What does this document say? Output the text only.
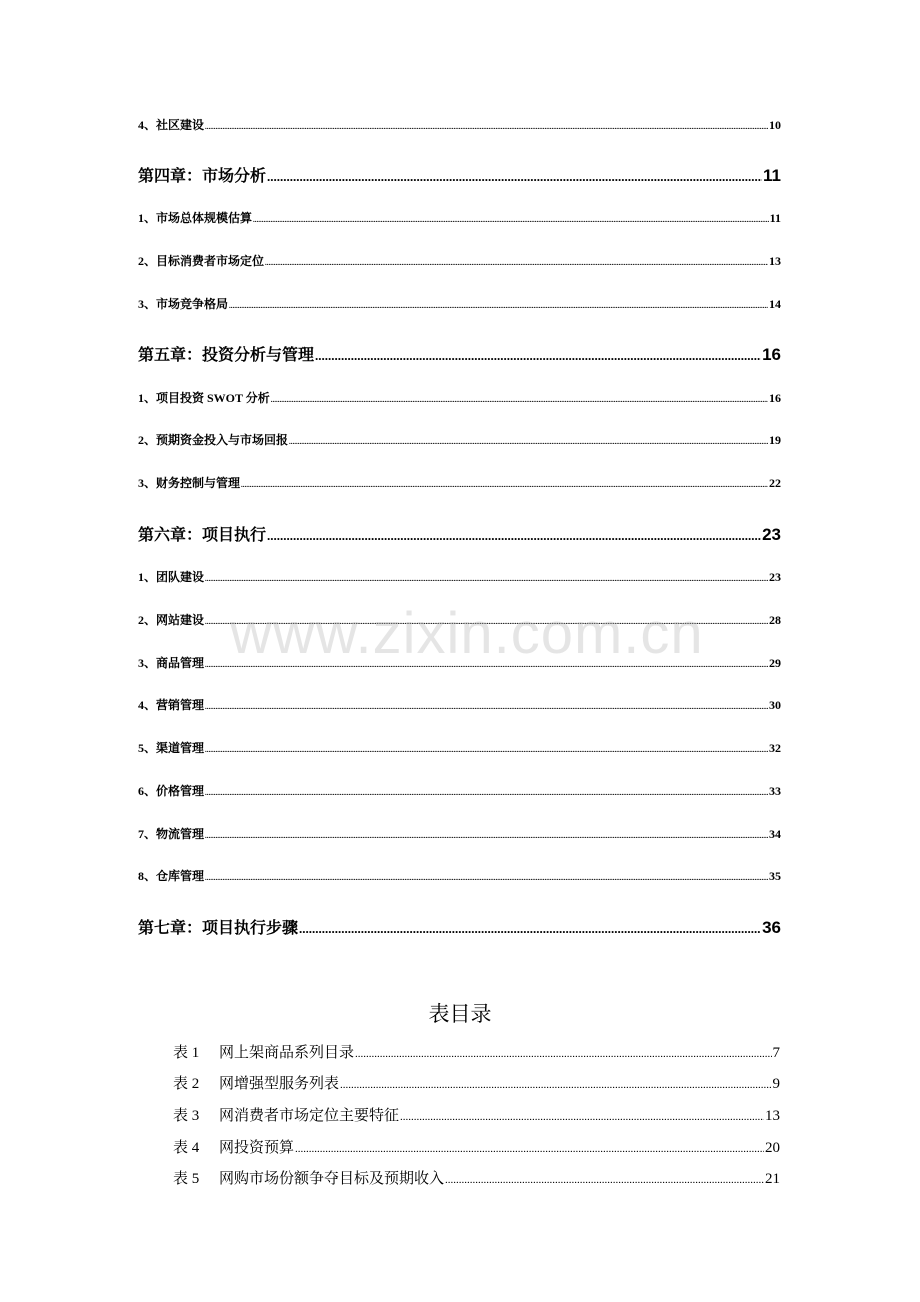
4、社区建设 .....	10
第四章：市场分析 .....	11
1、市场总体规模估算 .....	11
2、目标消费者市场定位 .....	13
3、市场竞争格局 .....	14
第五章：投资分析与管理 .....	16
1、项目投资 SWOT 分析 .....	16
2、预期资金投入与市场回报 .....	19
3、财务控制与管理 .....	22
第六章：项目执行 .....	23
1、团队建设 .....	23
2、网站建设 .....	28
3、商品管理 .....	29
4、营销管理 .....	30
5、渠道管理 .....	32
6、价格管理 .....	33
7、物流管理 .....	34
8、仓库管理 .....	35
第七章：项目执行步骤 .....	36
表目录
表 1	网上架商品系列目录 .....	7
表 2	网增强型服务列表 .....	9
表 3	网消费者市场定位主要特征 .....	13
表 4	网投资预算 .....	20
表 5	网购市场份额争夺目标及预期收入 .....	21
www.zixin.com.cn
